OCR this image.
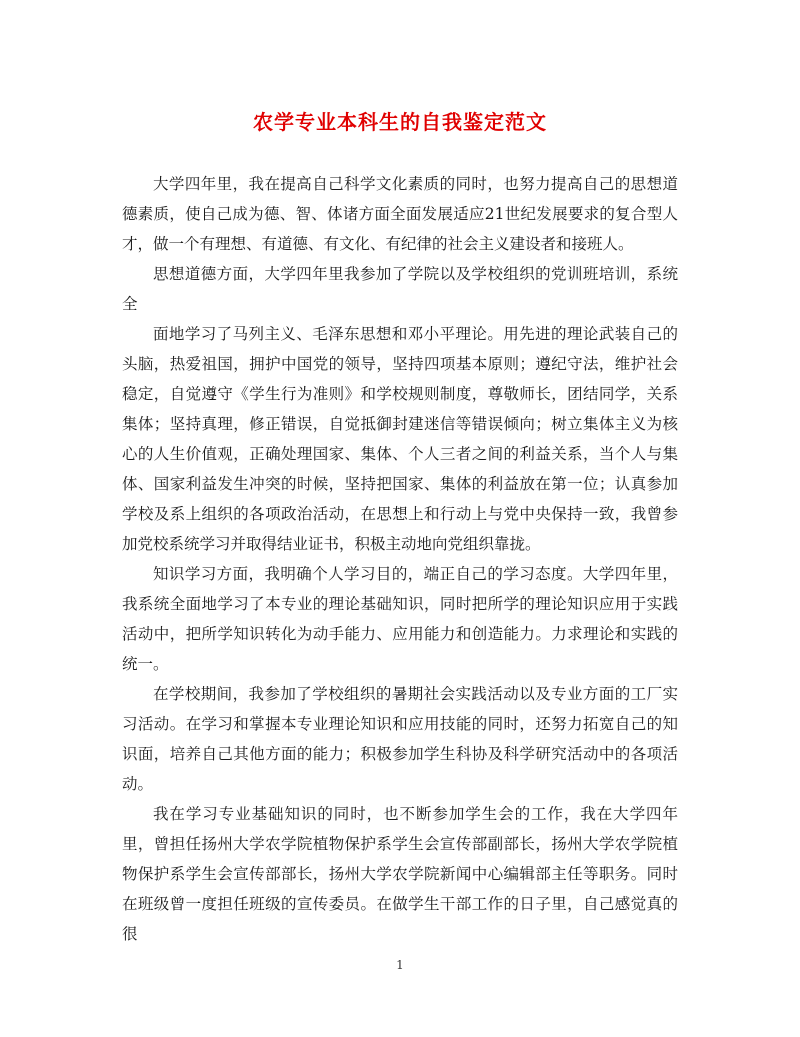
农学专业本科生的自我鉴定范文

大学四年里，我在提高自己科学文化素质的同时，也努力提高自己的思想道德素质，使自己成为德、智、体诸方面全面发展适应21世纪发展要求的复合型人才，做一个有理想、有道德、有文化、有纪律的社会主义建设者和接班人。

思想道德方面，大学四年里我参加了学院以及学校组织的党训班培训，系统全

面地学习了马列主义、毛泽东思想和邓小平理论。用先进的理论武装自己的头脑，热爱祖国，拥护中国党的领导，坚持四项基本原则；遵纪守法，维护社会稳定，自觉遵守《学生行为准则》和学校规则制度，尊敬师长，团结同学，关系集体；坚持真理，修正错误，自觉抵御封建迷信等错误倾向；树立集体主义为核心的人生价值观，正确处理国家、集体、个人三者之间的利益关系，当个人与集体、国家利益发生冲突的时候，坚持把国家、集体的利益放在第一位；认真参加学校及系上组织的各项政治活动，在思想上和行动上与党中央保持一致，我曾参加党校系统学习并取得结业证书，积极主动地向党组织靠拢。

知识学习方面，我明确个人学习目的，端正自己的学习态度。大学四年里，我系统全面地学习了本专业的理论基础知识，同时把所学的理论知识应用于实践活动中，把所学知识转化为动手能力、应用能力和创造能力。力求理论和实践的统一。

在学校期间，我参加了学校组织的暑期社会实践活动以及专业方面的工厂实习活动。在学习和掌握本专业理论知识和应用技能的同时，还努力拓宽自己的知识面，培养自己其他方面的能力；积极参加学生科协及科学研究活动中的各项活动。

我在学习专业基础知识的同时，也不断参加学生会的工作，我在大学四年里，曾担任扬州大学农学院植物保护系学生会宣传部副部长，扬州大学农学院植物保护系学生会宣传部部长，扬州大学农学院新闻中心编辑部主任等职务。同时在班级曾一度担任班级的宣传委员。在做学生干部工作的日子里，自己感觉真的很

1
